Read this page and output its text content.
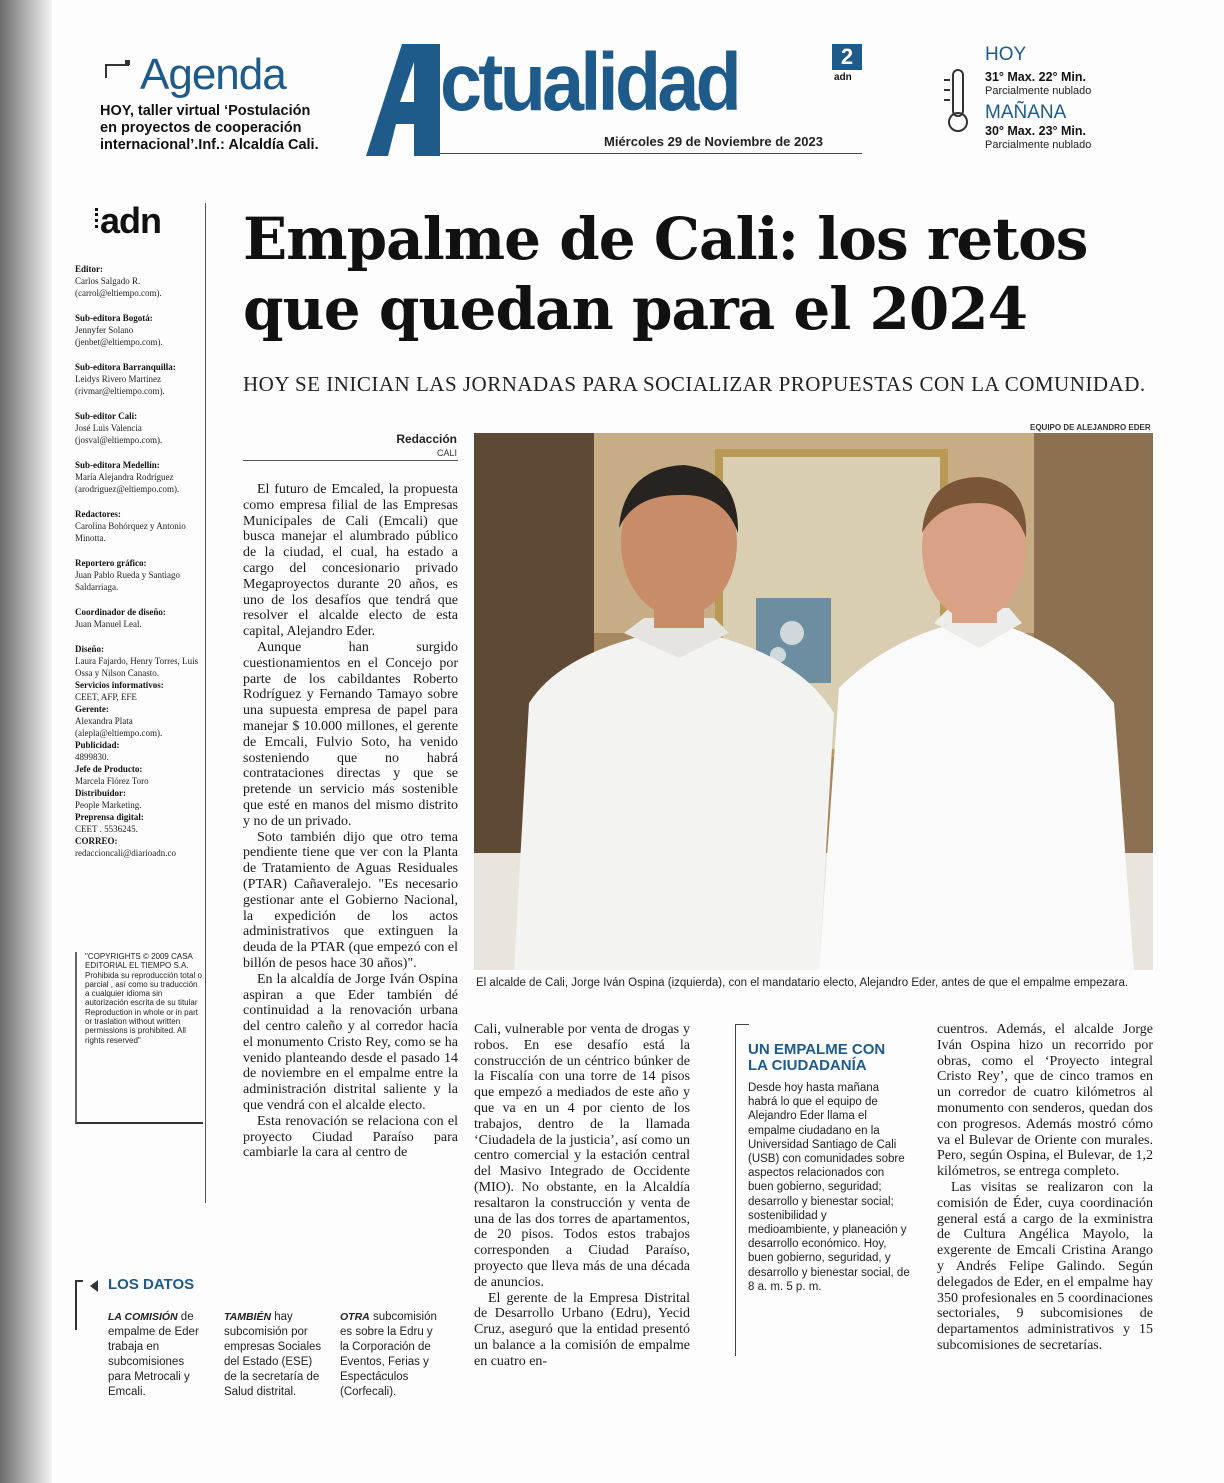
Agenda
HOY, taller virtual ‘Postulación en proyectos de cooperación internacional’.Inf.: Alcaldía Cali.
ctualidad	2
adn
Miércoles 29 de Noviembre de 2023
HOY
31° Max. 22° Min.
Parcialmente nublado
MAÑANA
30° Max. 23° Min.
Parcialmente nublado
adn
Editor:
Carlos Salgado R. (carrol@eltiempo.com).
Sub-editora Bogotá:
Jennyfer Solano (jenbet@eltiempo.com).
Sub-editora Barranquilla:
Leidys Rivero Martínez (rivmar@eltiempo.com).
Sub-editor Cali:
José Luis Valencia (josval@eltiempo.com).
Sub-editora Medellín:
María Alejandra Rodríguez (arodriguez@eltiempo.com).
Redactores:
Carolina Bohórquez y Antonio Minotta.
Reportero gráfico:
Juan Pablo Rueda y Santiago Saldarriaga.
Coordinador de diseño:
Juan Manuel Leal.
Diseño:
Laura Fajardo, Henry Torres, Luis Ossa y Nilson Canasto.
Servicios informativos:
CEET, AFP, EFE
Gerente:
Alexandra Plata (alepla@eltiempo.com).
Publicidad:
4899830.
Jefe de Producto:
Marcela Flórez Toro
Distribuidor:
People Marketing.
Preprensa digital:
CEET . 5536245.
CORREO:
redaccioncali@diarioadn.co
"COPYRIGHTS © 2009 CASA EDITORIAL EL TIEMPO S.A. Prohibida su reproducción total o parcial , así como su traducción a cualquier idioma sin autorización escrita de su titular Reproduction in whole or in part or traslation without written permissions is prohibited. All rights reserved"
Empalme de Cali: los retos que quedan para el 2024
HOY SE INICIAN LAS JORNADAS PARA SOCIALIZAR PROPUESTAS CON LA COMUNIDAD.
EQUIPO DE ALEJANDRO EDER
Redacción
CALI
El alcalde de Cali, Jorge Iván Ospina (izquierda), con el mandatario electo, Alejandro Eder, antes de que el empalme empezara.

El futuro de Emcaled, la propuesta como empresa filial de las Empresas Municipales de Cali (Emcali) que busca manejar el alumbrado público de la ciudad, el cual, ha estado a cargo del concesionario privado Megaproyectos durante 20 años, es uno de los desafíos que tendrá que resolver el alcalde electo de esta capital, Alejandro Eder.

Aunque han surgido cuestionamientos en el Concejo por parte de los cabildantes Roberto Rodríguez y Fernando Tamayo sobre una supuesta empresa de papel para manejar $ 10.000 millones, el gerente de Emcali, Fulvio Soto, ha venido sosteniendo que no habrá contrataciones directas y que se pretende un servicio más sostenible que esté en manos del mismo distrito y no de un privado.

Soto también dijo que otro tema pendiente tiene que ver con la Planta de Tratamiento de Aguas Residuales (PTAR) Cañaveralejo. "Es necesario gestionar ante el Gobierno Nacional, la expedición de los actos administrativos que extinguen la deuda de la PTAR (que empezó con el billón de pesos hace 30 años)".

En la alcaldía de Jorge Iván Ospina aspiran a que Eder también dé continuidad a la renovación urbana del centro caleño y al corredor hacia el monumento Cristo Rey, como se ha venido planteando desde el pasado 14 de noviembre en el empalme entre la administración distrital saliente y la que vendrá con el alcalde electo.

Esta renovación se relaciona con el proyecto Ciudad Paraíso para cambiarle la cara al centro de

Cali, vulnerable por venta de drogas y robos. En ese desafío está la construcción de un céntrico búnker de la Fiscalía con una torre de 14 pisos que empezó a mediados de este año y que va en un 4 por ciento de los trabajos, dentro de la llamada ‘Ciudadela de la justicia’, así como un centro comercial y la estación central del Masivo Integrado de Occidente (MIO). No obstante, en la Alcaldía resaltaron la construcción y venta de una de las dos torres de apartamentos, de 20 pisos. Todos estos trabajos corresponden a Ciudad Paraíso, proyecto que lleva más de una década de anuncios.

El gerente de la Empresa Distrital de Desarrollo Urbano (Edru), Yecid Cruz, aseguró que la entidad presentó un balance a la comisión de empalme en cuatro en-

UN EMPALME CON LA CIUDADANÍA
Desde hoy hasta mañana habrá lo que el equipo de Alejandro Eder llama el empalme ciudadano en la Universidad Santiago de Cali (USB) con comunidades sobre aspectos relacionados con buen gobierno, seguridad; desarrollo y bienestar social; sostenibilidad y medioambiente, y planeación y desarrollo económico. Hoy, buen gobierno, seguridad, y desarrollo y bienestar social, de 8 a. m. 5 p. m.

cuentros. Además, el alcalde Jorge Iván Ospina hizo un recorrido por obras, como el ‘Proyecto integral Cristo Rey’, que de cinco tramos en un corredor de cuatro kilómetros al monumento con senderos, quedan dos con progresos. Además mostró cómo va el Bulevar de Oriente con murales. Pero, según Ospina, el Bulevar, de 1,2 kilómetros, se entrega completo.

Las visitas se realizaron con la comisión de Éder, cuya coordinación general está a cargo de la exministra de Cultura Angélica Mayolo, la exgerente de Emcali Cristina Arango y Andrés Felipe Galindo. Según delegados de Eder, en el empalme hay 350 profesionales en 5 coordinaciones sectoriales, 9 subcomisiones de departamentos administrativos y 15 subcomisiones de secretarías.

LOS DATOS
LA COMISIÓN de empalme de Eder trabaja en subcomisiones para Metrocali y Emcali.
TAMBIÉN hay subcomisión por empresas Sociales del Estado (ESE) de la secretaría de Salud distrital.
OTRA subcomisión es sobre la Edru y la Corporación de Eventos, Ferias y Espectáculos (Corfecali).
